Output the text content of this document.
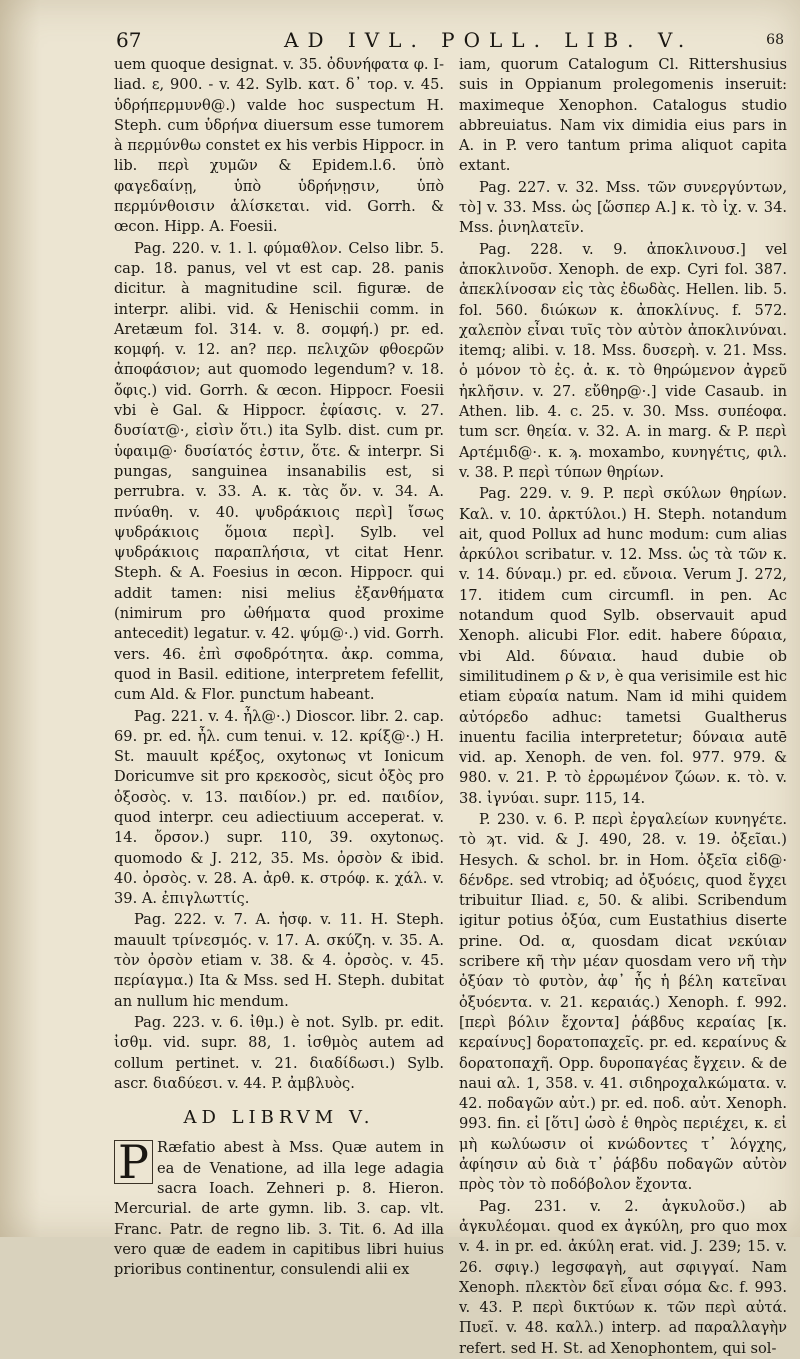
67	AD IVL. POLL. LIB. V.	68

uem quoque designat. v. 35. ὀδυνήφατα φ. I-liad. ε, 900. - v. 42. Sylb. κατ. δ᾽ τορ. v. 45. ὑδρήπερμυνθ@.) valde hoc suspectum H. Steph. cum ὑδρήνα diuersum esse tumorem à περμύνθω constet ex his verbis Hippocr. in lib. περὶ χυμῶν & Epidem.l.6. ὑπὸ φαγεδαίνῃ, ὑπὸ ὑδρήνῃσιν, ὑπὸ περμύνθοισιν ἁλίσκεται. vid. Gorrh. & œcon. Hipp. A. Foesii.

Pag. 220. v. 1. l. φύμαθλον. Celso libr. 5. cap. 18. panus, vel vt est cap. 28. panis dicitur. à magnitudine scil. figuræ. de interpr. alibi. vid. & Henischii comm. in Aretæum fol. 314. v. 8. σομφή.) pr. ed. κομφή. v. 12. an? περ. πελιχῶν φθοερῶν ἀποφάσιον; aut quomodo legendum? v. 18. ὄφις.) vid. Gorrh. & œcon. Hippocr. Foesii vbi è Gal. & Hippocr. ἐφίασις. v. 27. δυσίατ@·, εἰσὶν ὅτι.) ita Sylb. dist. cum pr. ὑφαιμ@· δυσίατός ἐστιν, ὅτε. & interpr. Si pungas, sanguinea insanabilis est, si perrubra. v. 33. A. κ. τὰς ὄν. v. 34. A. πνύαθη. v. 40. ψυδράκιοις περὶ] ἴσως ψυδράκιοις ὅμοια περὶ]. Sylb. vel ψυδράκιοις παραπλήσια, vt citat Henr. Steph. & A. Foesius in œcon. Hippocr. qui addit tamen: nisi melius ἐξανθήματα (nimirum pro ὠθήματα quod proxime antecedit) legatur. v. 42. ψύμ@·.) vid. Gorrh. vers. 46. ἐπὶ σφοδρότητα. ἀκρ. comma, quod in Basil. editione, interpretem fefellit, cum Ald. & Flor. punctum habeant.

Pag. 221. v. 4. ἦλ@·.) Dioscor. libr. 2. cap. 69. pr. ed. ἦλ. cum tenui. v. 12. κρίξ@·.) H. St. mauult κρέξος, oxytonως vt Ionicum Doricumve sit pro κρεκοσὸς, sicut ὀξὸς pro ὀξοσὸς. v. 13. παιδίον.) pr. ed. παιδίον, quod interpr. ceu adiectiuum acceperat. v. 14. ὄρσον.) supr. 110, 39. oxytonως. quomodo & Ϳ. 212, 35. Ms. ὀρσὸν & ibid. 40. ὀρσὸς. v. 28. A. ἀρθ. κ. στρόφ. κ. χάλ. v. 39. A. ἐπιγλωττίς.

Pag. 222. v. 7. A. ἠσφ. v. 11. H. Steph. mauult τρίνεσμός. v. 17. A. σκύζη. v. 35. A. τὸν ὀρσὸν etiam v. 38. & 4. ὀρσὸς. v. 45. περίαγμα.) Ita & Mss. sed H. Steph. dubitat an nullum hic mendum.

Pag. 223. v. 6. ἰθμ.) è not. Sylb. pr. edit. ἰσθμ. vid. supr. 88, 1. ἰσθμὸς autem ad collum pertinet. v. 21. διαδίδωσι.) Sylb. ascr. διαδύεσι. v. 44. P. ἀμβλυὸς.

AD LIBRVM V.

P Ræfatio abest à Mss. Quæ autem in ea de Venatione, ad illa lege adagia sacra Ioach. Zehneri p. 8. Hieron. Mercurial. de arte gymn. lib. 3. cap. vlt. Franc. Patr. de regno lib. 3. Tit. 6. Ad illa vero quæ de eadem in capitibus libri huius prioribus continentur, consulendi alii ex

iam, quorum Catalogum Cl. Rittershusius suis in Oppianum prolegomenis inseruit: maximeque Xenophon. Catalogus studio abbreuiatus. Nam vix dimidia eius pars in A. in P. vero tantum prima aliquot capita extant.

Pag. 227. v. 32. Mss. τῶν συνεργύντων, τὸ] v. 33. Mss. ὡς [ὥσπερ A.] κ. τὸ ἰχ. v. 34. Mss. ῥινηλατεῖν.

Pag. 228. v. 9. ἀποκλινουσ.] vel ἀποκλινοῦσ. Xenoph. de exp. Cyri fol. 387. ἀπεκλίνοσαν εἰς τὰς ἐδωδὰς. Hellen. lib. 5. fol. 560. διώκων κ. ἀποκλίνυς. f. 572. χαλεπὸν εἶναι τυῖς τὸν αὐτὸν ἀποκλινύναι. itemq; alibi. v. 18. Mss. δυσερὴ. v. 21. Mss. ὁ μόνον τὸ ἐς. ἀ. κ. τὸ θηρώμενον ἀγρεῦ ἠκλῆσιν. v. 27. εὔθηρ@·.] vide Casaub. in Athen. lib. 4. c. 25. v. 30. Mss. συπέοφα. tum scr. θηεία. v. 32. A. in marg. & P. περὶ Αρτέμιδ@·. κ. ϡ. moxambo, κυνηγέτις, φιλ. v. 38. P. περὶ τύπων θηρίων.

Pag. 229. v. 9. P. περὶ σκύλων θηρίων. Καλ. v. 10. ἀρκτύλοι.) H. Steph. notandum ait, quod Pollux ad hunc modum: cum alias ἀρκύλοι scribatur. v. 12. Mss. ὡς τὰ τῶν κ. v. 14. δύναμ.) pr. ed. εὔνοια. Verum Ϳ. 272, 17. itidem cum circumfl. in pen. Ac notandum quod Sylb. observauit apud Xenoph. alicubi Flor. edit. habere δύραια, vbi Ald. δύναια. haud dubie ob similitudinem ρ & ν, è qua verisimile est hic etiam εὐραία natum. Nam id mihi quidem αὐτόρεδο adhuc: tametsi Gualtherus inuentu facilia interpretetur; δύναια autē vid. ap. Xenoph. de ven. fol. 977. 979. & 980. v. 21. P. τὸ ἐρρωμένον ζώων. κ. τὸ. v. 38. ἰγνύαι. supr. 115, 14.

P. 230. v. 6. P. περὶ ἐργαλείων κυνηγέτε. τὸ ϡτ. vid. & Ϳ. 490, 28. v. 19. ὀξεῖαι.) Hesych. & schol. br. in Hom. ὀξεῖα εἰδ@· δένδρε. sed vtrobiq; ad ὀξυόεις, quod ἔγχει tribuitur Iliad. ε, 50. & alibi. Scribendum igitur potius ὀξύα, cum Eustathius diserte prine. Od. α, quosdam dicat νεκύιαν scribere κῆ τὴν μέαν quosdam vero νῆ τὴν ὀξύαν τὸ φυτὸν, ἀφ᾽ ἧς ἡ βέλη κατεῖναι ὀξυόεντα. v. 21. κεραιάς.) Xenoph. f. 992. [περὶ βόλιν ἔχοντα] ῥάβδυς κεραίας [κ. κεραίνυς] δορατοπαχεῖς. pr. ed. κεραίνυς & δορατοπαχῆ. Opp. δυροπαγέας ἔγχειν. & de naui αλ. 1, 358. v. 41. σιδηροχαλκώματα. v. 42. ποδαγῶν αὐτ.) pr. ed. ποδ. αὐτ. Xenoph. 993. fin. εἰ [ὅτι] ὡσὸ ἑ θηρὸς περιέχει, κ. εἰ μὴ κωλύωσιν οἱ κνώδοντες τ᾽ λόγχης, ἀφίησιν αὐ διὰ τ᾽ ῥάβδυ ποδαγῶν αὐτὸν πρὸς τὸν τὸ ποδόβολον ἔχοντα.

Pag. 231. v. 2. ἀγκυλοῦσ.) ab ἀγκυλέομαι. quod ex ἀγκύλη, pro quo mox v. 4. in pr. ed. ἀκύλη erat. vid. Ϳ. 239; 15. v. 26. σφιγ.) legσφαγὴ, aut σφιγγαί. Nam Xenoph. πλεκτὸν δεῖ εἶναι σόμα &c. f. 993. v. 43. P. περὶ δικτύων κ. τῶν περὶ αὐτά. Πυεῖ. v. 48. καλλ.) interp. ad παραλλαγὴν refert. sed H. St. ad Xenophontem, qui sol-
